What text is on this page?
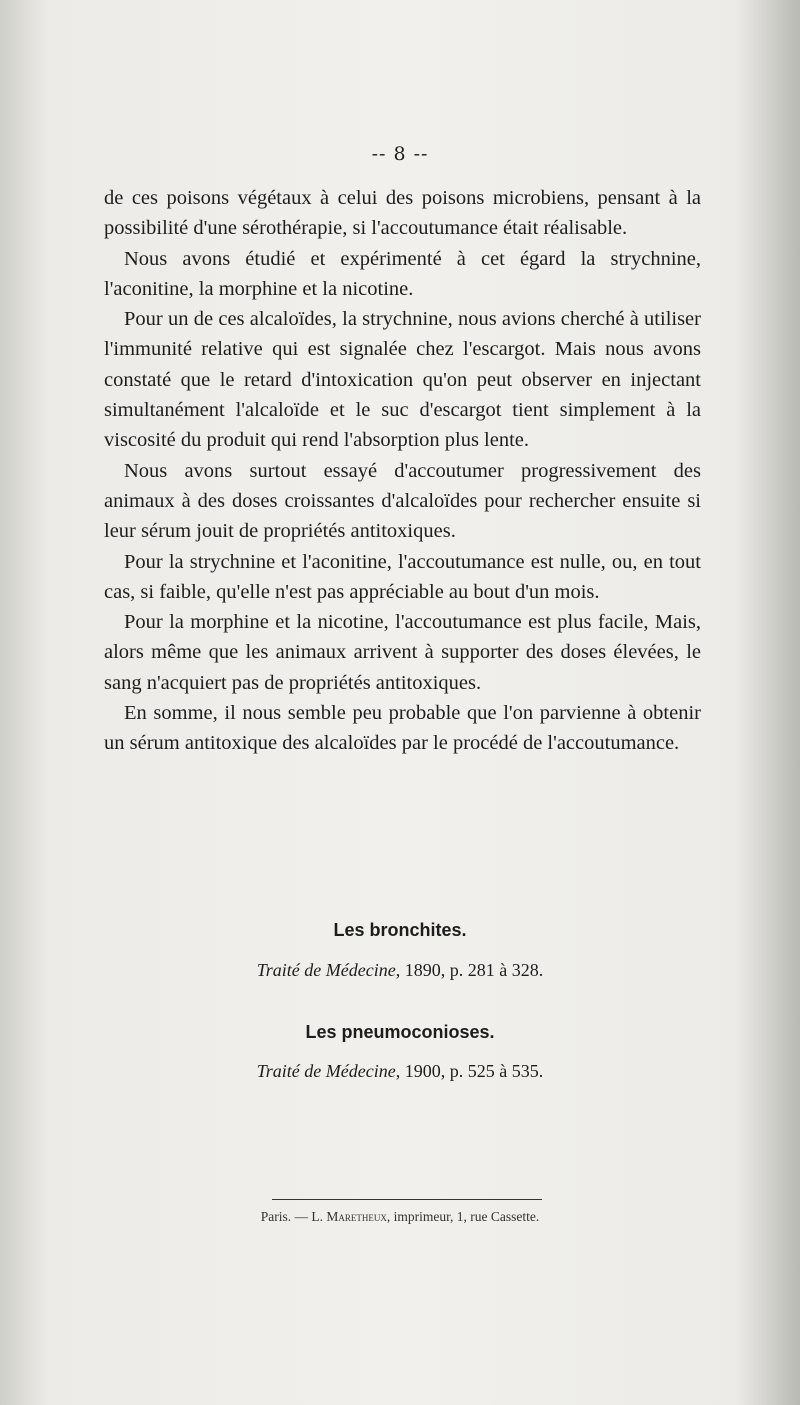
-- 8 --

de ces poisons végétaux à celui des poisons microbiens, pensant à la possibilité d'une sérothérapie, si l'accoutumance était réalisable.

Nous avons étudié et expérimenté à cet égard la strychnine, l'aconitine, la morphine et la nicotine.

Pour un de ces alcaloïdes, la strychnine, nous avions cherché à utiliser l'immunité relative qui est signalée chez l'escargot. Mais nous avons constaté que le retard d'intoxication qu'on peut observer en injectant simultanément l'alcaloïde et le suc d'escargot tient simplement à la viscosité du produit qui rend l'absorption plus lente.

Nous avons surtout essayé d'accoutumer progressivement des animaux à des doses croissantes d'alcaloïdes pour rechercher ensuite si leur sérum jouit de propriétés antitoxiques.

Pour la strychnine et l'aconitine, l'accoutumance est nulle, ou, en tout cas, si faible, qu'elle n'est pas appréciable au bout d'un mois.

Pour la morphine et la nicotine, l'accoutumance est plus facile, Mais, alors même que les animaux arrivent à supporter des doses élevées, le sang n'acquiert pas de propriétés antitoxiques.

En somme, il nous semble peu probable que l'on parvienne à obtenir un sérum antitoxique des alcaloïdes par le procédé de l'accoutumance.

Les bronchites.
Traité de Médecine, 1890, p. 281 à 328.
Les pneumoconioses.
Traité de Médecine, 1900, p. 525 à 535.
Paris. — L. Maretheux, imprimeur, 1, rue Cassette.
